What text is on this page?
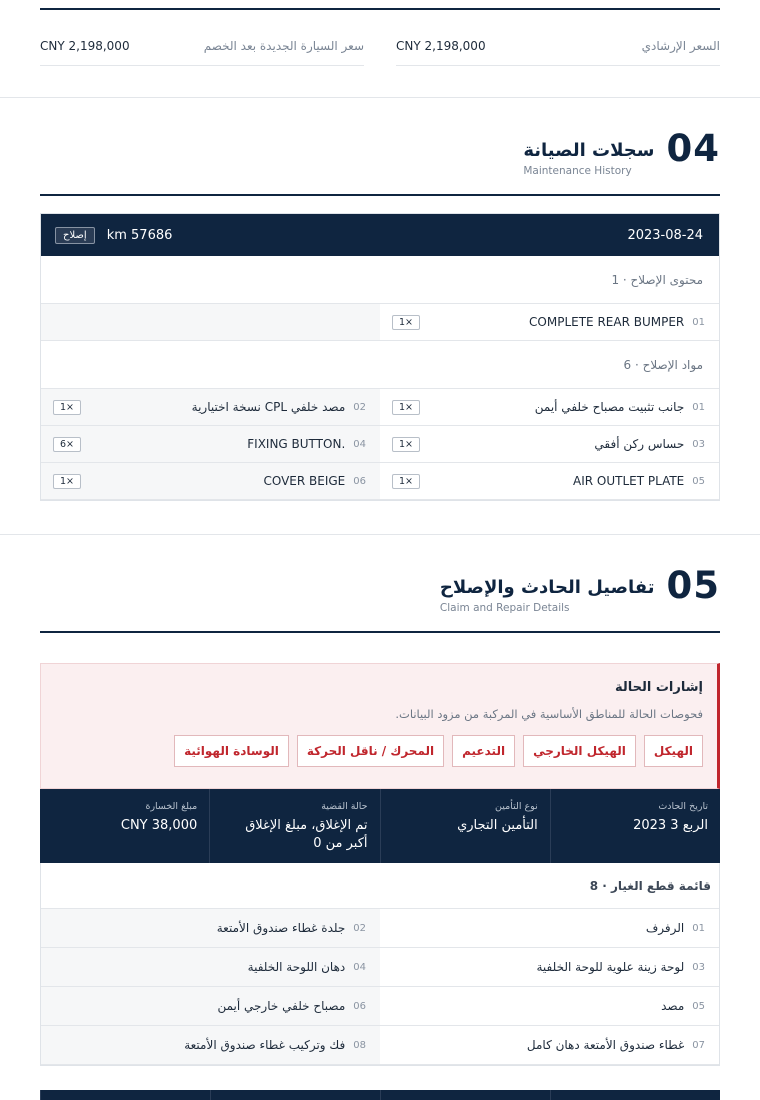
السعر الإرشادي
CNY 2,198,000
سعر السيارة الجديدة بعد الخصم
CNY 2,198,000
04
سجلات الصيانة
Maintenance History
2023-08-24
إصلاح	km 57686
محتوى الإصلاح · 1
01
COMPLETE REAR BUMPER
1×
مواد الإصلاح · 6
01
جانب تثبيت مصباح خلفي أيمن
1×
02
مصد خلفي CPL نسخة اختيارية
1×
03
حساس ركن أفقي
1×
04
.FIXING BUTTON
6×
05
AIR OUTLET PLATE
1×
06
COVER BEIGE
1×
05
تفاصيل الحادث والإصلاح
Claim and Repair Details
إشارات الحالة
فحوصات الحالة للمناطق الأساسية في المركبة من مزود البيانات.
الهيكل
الهيكل الخارجي
التدعيم
المحرك / ناقل الحركة
الوسادة الهوائية
تاريخ الحادث
الربع 3 2023
نوع التأمين
التأمين التجاري
حالة القضية
تم الإغلاق، مبلغ الإغلاق أكبر من 0
مبلغ الخسارة
CNY 38,000
قائمة قطع الغيار · 8
01
الرفرف
02
جلدة غطاء صندوق الأمتعة
03
لوحة زينة علوية للوحة الخلفية
04
دهان اللوحة الخلفية
05
مصد
06
مصباح خلفي خارجي أيمن
07
غطاء صندوق الأمتعة دهان كامل
08
فك وتركيب غطاء صندوق الأمتعة
